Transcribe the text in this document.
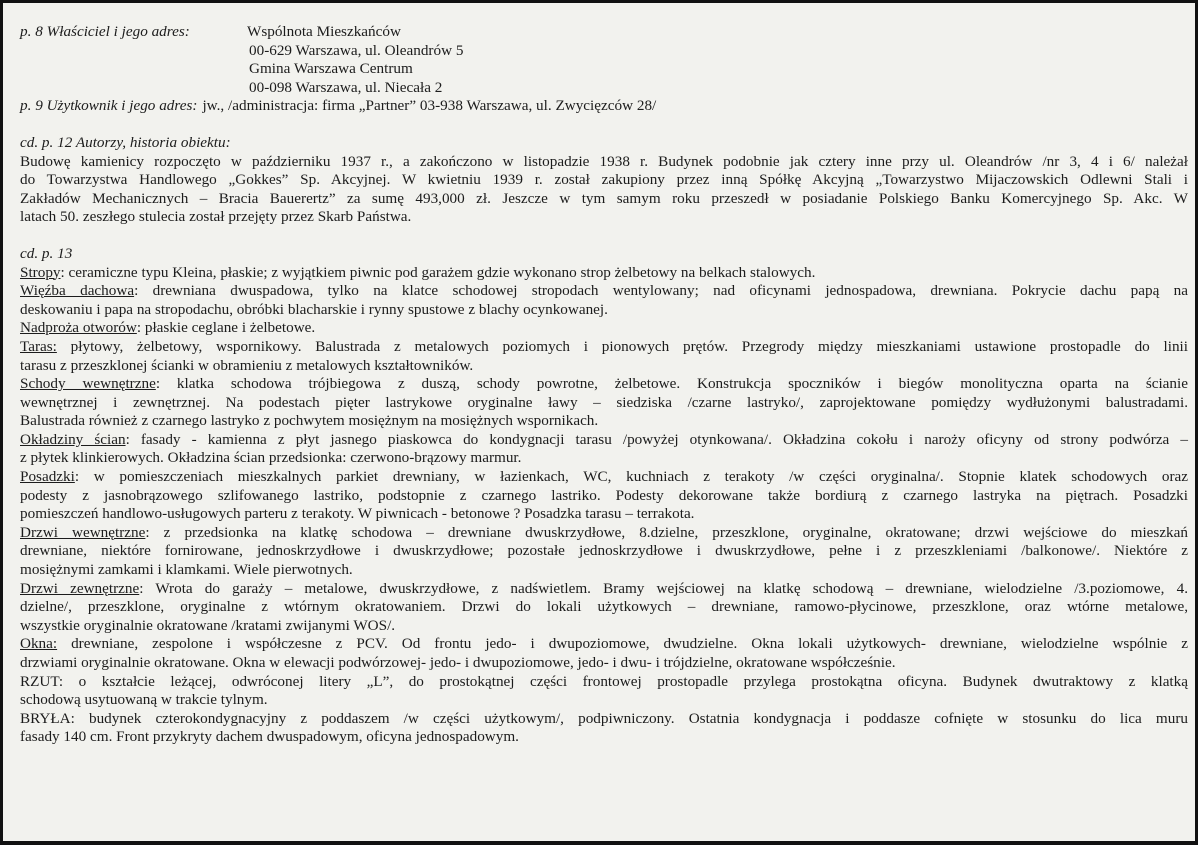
p. 8 Właściciel i jego adres:	Wspólnota Mieszkańców
00-629 Warszawa, ul. Oleandrów 5
Gmina Warszawa Centrum
00-098 Warszawa, ul. Niecała 2
p. 9 Użytkownik i jego adres: jw., /administracja: firma „Partner” 03-938 Warszawa, ul. Zwycięzców 28/
cd. p. 12 Autorzy, historia obiektu:
Budowę kamienicy rozpoczęto w październiku 1937 r., a zakończono w listopadzie 1938 r. Budynek podobnie jak cztery inne przy ul. Oleandrów /nr 3, 4 i 6/ należał
do Towarzystwa Handlowego „Gokkes” Sp. Akcyjnej. W kwietniu 1939 r. został zakupiony przez inną Spółkę Akcyjną „Towarzystwo Mijaczowskich Odlewni Stali i
Zakładów Mechanicznych – Bracia Bauerertz” za sumę 493,000 zł. Jeszcze w tym samym roku przeszedł w posiadanie Polskiego Banku Komercyjnego Sp. Akc. W
latach 50. zeszłego stulecia został przejęty przez Skarb Państwa.
cd. p. 13
Stropy: ceramiczne typu Kleina, płaskie; z wyjątkiem piwnic pod garażem gdzie wykonano strop żelbetowy na belkach stalowych.
Więźba dachowa: drewniana dwuspadowa, tylko na klatce schodowej stropodach wentylowany; nad oficynami jednospadowa, drewniana. Pokrycie dachu papą na
deskowaniu i papa na stropodachu, obróbki blacharskie i rynny spustowe z blachy ocynkowanej.
Nadproża otworów: płaskie ceglane i żelbetowe.
Taras: płytowy, żelbetowy, wspornikowy. Balustrada z metalowych poziomych i pionowych prętów. Przegrody między mieszkaniami ustawione prostopadle do linii
tarasu z przeszklonej ścianki w obramieniu z metalowych kształtowników.
Schody wewnętrzne: klatka schodowa trójbiegowa z duszą, schody powrotne, żelbetowe. Konstrukcja spoczników i biegów monolityczna oparta na ścianie
wewnętrznej i zewnętrznej. Na podestach pięter lastrykowe oryginalne ławy – siedziska /czarne lastryko/, zaprojektowane pomiędzy wydłużonymi balustradami.
Balustrada również z czarnego lastryko z pochwytem mosiężnym na mosiężnych wspornikach.
Okładziny ścian: fasady - kamienna z płyt jasnego piaskowca do kondygnacji tarasu /powyżej otynkowana/. Okładzina cokołu i naroży oficyny od strony podwórza –
z płytek klinkierowych. Okładzina ścian przedsionka: czerwono-brązowy marmur.
Posadzki: w pomieszczeniach mieszkalnych parkiet drewniany, w łazienkach, WC, kuchniach z terakoty /w części oryginalna/. Stopnie klatek schodowych oraz
podesty z jasnobrązowego szlifowanego lastriko, podstopnie z czarnego lastriko. Podesty dekorowane także bordiurą z czarnego lastryka na piętrach. Posadzki
pomieszczeń handlowo-usługowych parteru z terakoty. W piwnicach - betonowe ? Posadzka tarasu – terrakota.
Drzwi wewnętrzne: z przedsionka na klatkę schodowa – drewniane dwuskrzydłowe, 8.dzielne, przeszklone, oryginalne, okratowane; drzwi wejściowe do mieszkań
drewniane, niektóre fornirowane, jednoskrzydłowe i dwuskrzydłowe; pozostałe jednoskrzydłowe i dwuskrzydłowe, pełne i z przeszkleniami /balkonowe/. Niektóre z
mosiężnymi zamkami i klamkami. Wiele pierwotnych.
Drzwi zewnętrzne: Wrota do garaży – metalowe, dwuskrzydłowe, z nadświetlem. Bramy wejściowej na klatkę schodową – drewniane, wielodzielne /3.poziomowe, 4.
dzielne/, przeszklone, oryginalne z wtórnym okratowaniem. Drzwi do lokali użytkowych – drewniane, ramowo-płycinowe, przeszklone, oraz wtórne metalowe,
wszystkie oryginalnie okratowane /kratami zwijanymi WOS/.
Okna: drewniane, zespolone i współczesne z PCV. Od frontu jedo- i dwupoziomowe, dwudzielne. Okna lokali użytkowych- drewniane, wielodzielne wspólnie z
drzwiami oryginalnie okratowane. Okna w elewacji podwórzowej- jedo- i dwupoziomowe, jedo- i dwu- i trójdzielne, okratowane współcześnie.
RZUT: o kształcie leżącej, odwróconej litery „L”, do prostokątnej części frontowej prostopadle przylega prostokątna oficyna. Budynek dwutraktowy z klatką
schodową usytuowaną w trakcie tylnym.
BRYŁA: budynek czterokondygnacyjny z poddaszem /w części użytkowym/, podpiwniczony. Ostatnia kondygnacja i poddasze cofnięte w stosunku do lica muru
fasady 140 cm. Front przykryty dachem dwuspadowym, oficyna jednospadowym.
